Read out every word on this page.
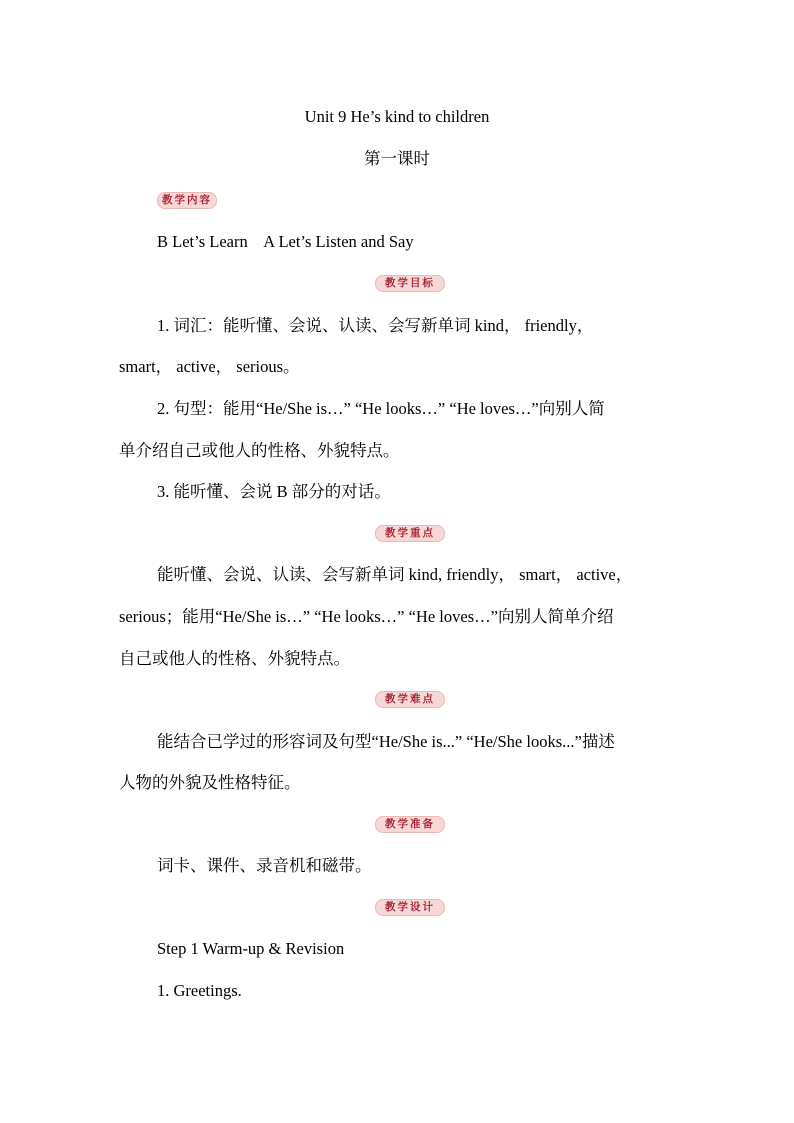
Unit 9 He’s kind to children
第一课时
教学内容
B Let’s Learn    A Let’s Listen and Say
教学目标
1. 词汇：能听懂、会说、认读、会写新单词 kind， friendly，
smart， active， serious。
2. 句型：能用“He/She is…” “He looks…” “He loves…”向别人简
单介绍自己或他人的性格、外貌特点。
3. 能听懂、会说 B 部分的对话。
教学重点
能听懂、会说、认读、会写新单词 kind, friendly， smart， active，
serious；能用“He/She is…” “He looks…” “He loves…”向别人简单介绍
自己或他人的性格、外貌特点。
教学难点
能结合已学过的形容词及句型“He/She is...” “He/She looks...”描述
人物的外貌及性格特征。
教学准备
词卡、课件、录音机和磁带。
教学设计
Step 1 Warm-up & Revision
1. Greetings.
